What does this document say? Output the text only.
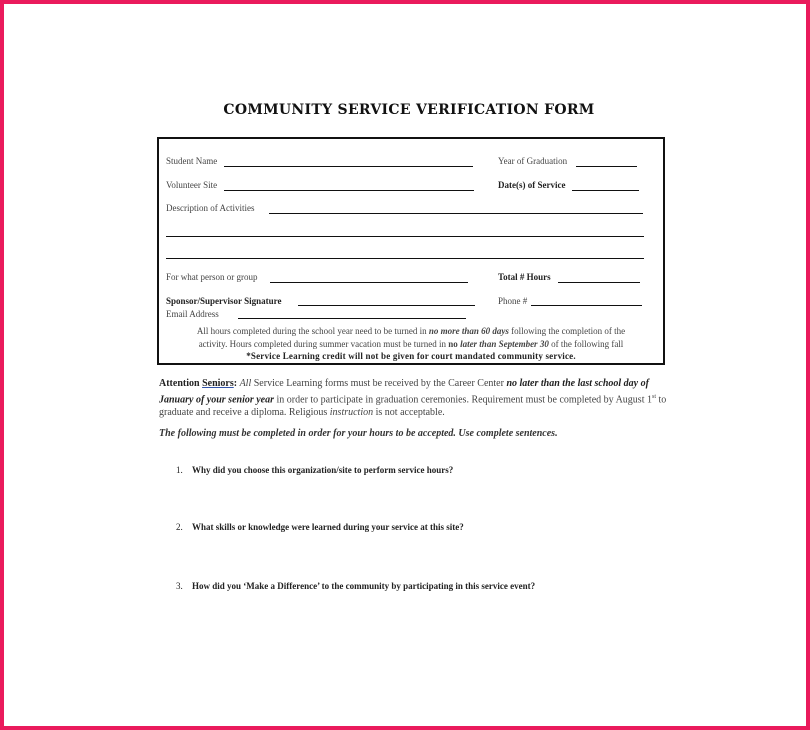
COMMUNITY SERVICE VERIFICATION FORM
Student Name	Year of Graduation
Volunteer Site	Date(s) of Service
Description of Activities
For what person or group	Total # Hours
Sponsor/Supervisor Signature	Phone #
Email Address
All hours completed during the school year need to be turned in no more than 60 days following the completion of the
activity. Hours completed during summer vacation must be turned in no later than September 30 of the following fall
*Service Learning credit will not be given for court mandated community service.
Attention Seniors: All Service Learning forms must be received by the Career Center no later than the last school day of January of your senior year in order to participate in graduation ceremonies. Requirement must be completed by August 1st to graduate and receive a diploma. Religious instruction is not acceptable.
The following must be completed in order for your hours to be accepted. Use complete sentences.
1. Why did you choose this organization/site to perform service hours?
2. What skills or knowledge were learned during your service at this site?
3. How did you ‘Make a Difference’ to the community by participating in this service event?
